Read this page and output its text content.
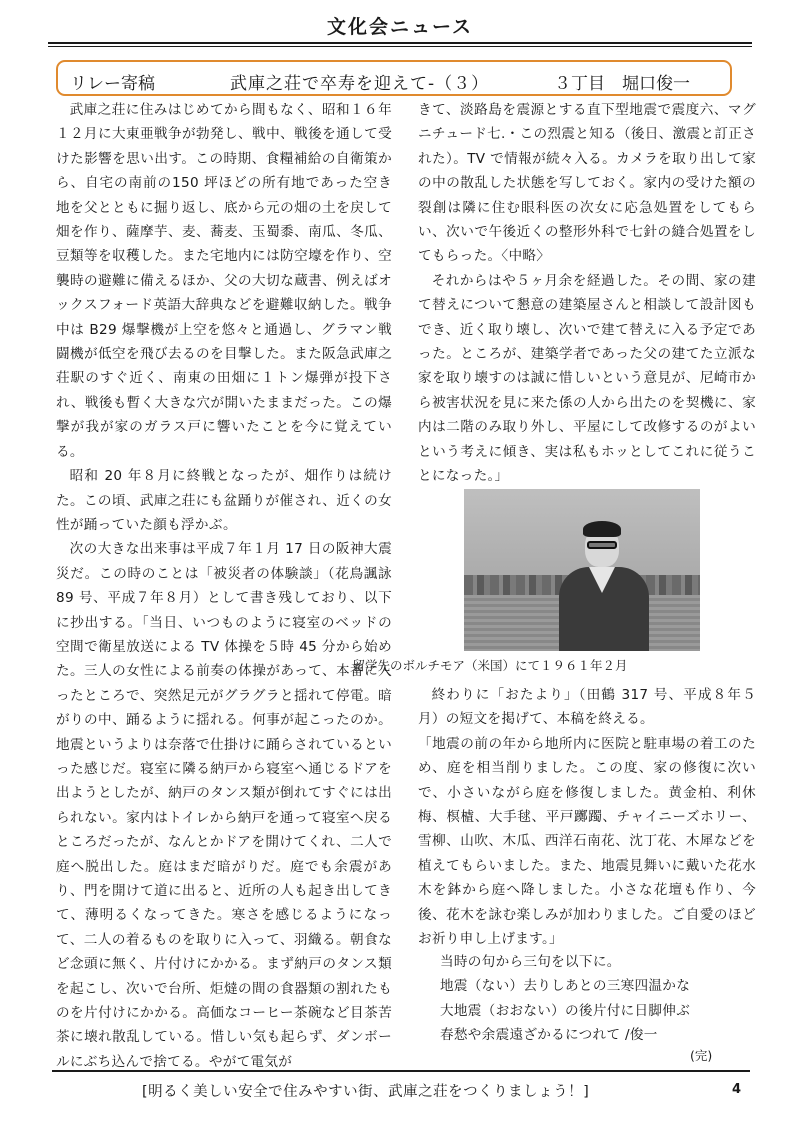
文化会ニュース
リレー寄稿	武庫之荘で卒寿を迎えて-（３）	３丁目　堀口俊一

武庫之荘に住みはじめてから間もなく、昭和１６年１２月に大東亜戦争が勃発し、戦中、戦後を通して受けた影響を思い出す。この時期、食糧補給の自衛策から、自宅の南前の150 坪ほどの所有地であった空き地を父とともに掘り返し、底から元の畑の土を戻して畑を作り、薩摩芋、麦、蕎麦、玉蜀黍、南瓜、冬瓜、豆類等を収穫した。また宅地内には防空壕を作り、空襲時の避難に備えるほか、父の大切な蔵書、例えばオックスフォード英語大辞典などを避難収納した。戦争中は B29 爆撃機が上空を悠々と通過し、グラマン戦闘機が低空を飛び去るのを目撃した。また阪急武庫之荘駅のすぐ近く、南東の田畑に１トン爆弾が投下され、戦後も暫く大きな穴が開いたままだった。この爆撃が我が家のガラス戸に響いたことを今に覚えている。

昭和 20 年８月に終戦となったが、畑作りは続けた。この頃、武庫之荘にも盆踊りが催され、近くの女性が踊っていた顔も浮かぶ。

次の大きな出来事は平成７年１月 17 日の阪神大震災だ。この時のことは「被災者の体験談」（花鳥諷詠 89 号、平成７年８月）として書き残しており、以下に抄出する。「当日、いつものように寝室のベッドの空間で衛星放送による TV 体操を５時 45 分から始めた。三人の女性による前奏の体操があって、本番に入ったところで、突然足元がグラグラと揺れて停電。暗がりの中、踊るように揺れる。何事が起こったのか。地震というよりは奈落で仕掛けに踊らされているといった感じだ。寝室に隣る納戸から寝室へ通じるドアを出ようとしたが、納戸のタンス類が倒れてすぐには出られない。家内はトイレから納戸を通って寝室へ戻るところだったが、なんとかドアを開けてくれ、二人で庭へ脱出した。庭はまだ暗がりだ。庭でも余震があり、門を開けて道に出ると、近所の人も起き出してきて、薄明るくなってきた。寒さを感じるようになって、二人の着るものを取りに入って、羽織る。朝食など念頭に無く、片付けにかかる。まず納戸のタンス類を起こし、次いで台所、炬燵の間の食器類の割れたものを片付けにかかる。高価なコーヒー茶碗など目茶苦茶に壊れ散乱している。惜しい気も起らず、ダンボールにぶち込んで捨てる。やがて電気が

きて、淡路島を震源とする直下型地震で震度六、マグニチュード七.・この烈震と知る（後日、激震と訂正された）。TV で情報が続々入る。カメラを取り出して家の中の散乱した状態を写しておく。家内の受けた額の裂創は隣に住む眼科医の次女に応急処置をしてもらい、次いで午後近くの整形外科で七針の縫合処置をしてもらった。〈中略〉

それからはや５ヶ月余を経過した。その間、家の建て替えについて懇意の建築屋さんと相談して設計図もでき、近く取り壊し、次いで建て替えに入る予定であった。ところが、建築学者であった父の建てた立派な家を取り壊すのは誠に惜しいという意見が、尼崎市から被害状況を見に来た係の人から出たのを契機に、家内は二階のみ取り外し、平屋にして改修するのがよいという考えに傾き、実は私もホッとしてこれに従うことになった。」

留学先のボルチモア（米国）にて１９６１年２月

終わりに「おたより」（田鶴 317 号、平成８年５月）の短文を掲げて、本稿を終える。

「地震の前の年から地所内に医院と駐車場の着工のため、庭を相当削りました。この度、家の修復に次いで、小さいながら庭を修復しました。黄金柏、利休梅、榠樝、大手毬、平戸躑躅、チャイニーズホリー、雪柳、山吹、木瓜、西洋石南花、沈丁花、木犀などを植えてもらいました。また、地震見舞いに戴いた花水木を鉢から庭へ降しました。小さな花壇も作り、今後、花木を詠む楽しみが加わりました。ご自愛のほどお祈り申し上げます。」

当時の句から三句を以下に。
地震（ない）去りしあとの三寒四温かな
大地震（おおない）の後片付に日脚伸ぶ
春愁や余震遠ざかるにつれて /俊一
(完)
[明るく美しい安全で住みやすい街、武庫之荘をつくりましょう！]	4
